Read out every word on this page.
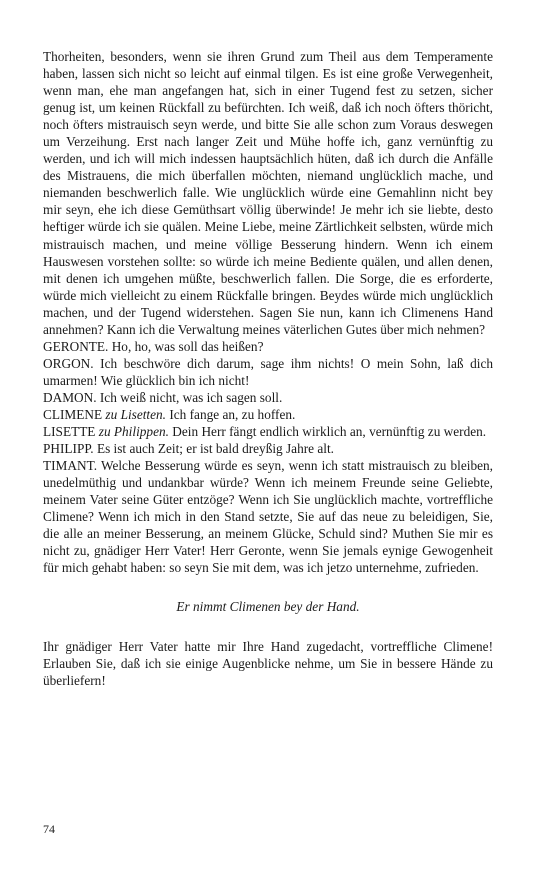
Thorheiten, besonders, wenn sie ihren Grund zum Theil aus dem Temperamente haben, lassen sich nicht so leicht auf einmal tilgen. Es ist eine große Verwegenheit, wenn man, ehe man angefangen hat, sich in einer Tugend fest zu setzen, sicher genug ist, um keinen Rückfall zu befürchten. Ich weiß, daß ich noch öfters thöricht, noch öfters mistrauisch seyn werde, und bitte Sie alle schon zum Voraus deswegen um Verzeihung. Erst nach langer Zeit und Mühe hoffe ich, ganz vernünftig zu werden, und ich will mich indessen hauptsächlich hüten, daß ich durch die Anfälle des Mistrauens, die mich überfallen möchten, niemand unglücklich mache, und niemanden beschwerlich falle. Wie unglücklich würde eine Gemahlinn nicht bey mir seyn, ehe ich diese Gemüthsart völlig überwinde! Je mehr ich sie liebte, desto heftiger würde ich sie quälen. Meine Liebe, meine Zärtlichkeit selbsten, würde mich mistrauisch machen, und meine völlige Besserung hindern. Wenn ich einem Hauswesen vorstehen sollte: so würde ich meine Bediente quälen, und allen denen, mit denen ich umgehen müßte, beschwerlich fallen. Die Sorge, die es erforderte, würde mich vielleicht zu einem Rückfalle bringen. Beydes würde mich unglücklich machen, und der Tugend widerstehen. Sagen Sie nun, kann ich Climenens Hand annehmen? Kann ich die Verwaltung meines väterlichen Gutes über mich nehmen?

GERONTE. Ho, ho, was soll das heißen?

ORGON. Ich beschwöre dich darum, sage ihm nichts! O mein Sohn, laß dich umarmen! Wie glücklich bin ich nicht!

DAMON. Ich weiß nicht, was ich sagen soll.

CLIMENE zu Lisetten. Ich fange an, zu hoffen.

LISETTE zu Philippen. Dein Herr fängt endlich wirklich an, vernünftig zu werden.

PHILIPP. Es ist auch Zeit; er ist bald dreyßig Jahre alt.

TIMANT. Welche Besserung würde es seyn, wenn ich statt mistrauisch zu bleiben, unedelmüthig und undankbar würde? Wenn ich meinem Freunde seine Geliebte, meinem Vater seine Güter entzöge? Wenn ich Sie unglücklich machte, vortreffliche Climene? Wenn ich mich in den Stand setzte, Sie auf das neue zu beleidigen, Sie, die alle an meiner Besserung, an meinem Glücke, Schuld sind? Muthen Sie mir es nicht zu, gnädiger Herr Vater! Herr Geronte, wenn Sie jemals eynige Gewogenheit für mich gehabt haben: so seyn Sie mit dem, was ich jetzo unternehme, zufrieden.

Er nimmt Climenen bey der Hand.

Ihr gnädiger Herr Vater hatte mir Ihre Hand zugedacht, vortreffliche Climene! Erlauben Sie, daß ich sie einige Augenblicke nehme, um Sie in bessere Hände zu überliefern!

74
